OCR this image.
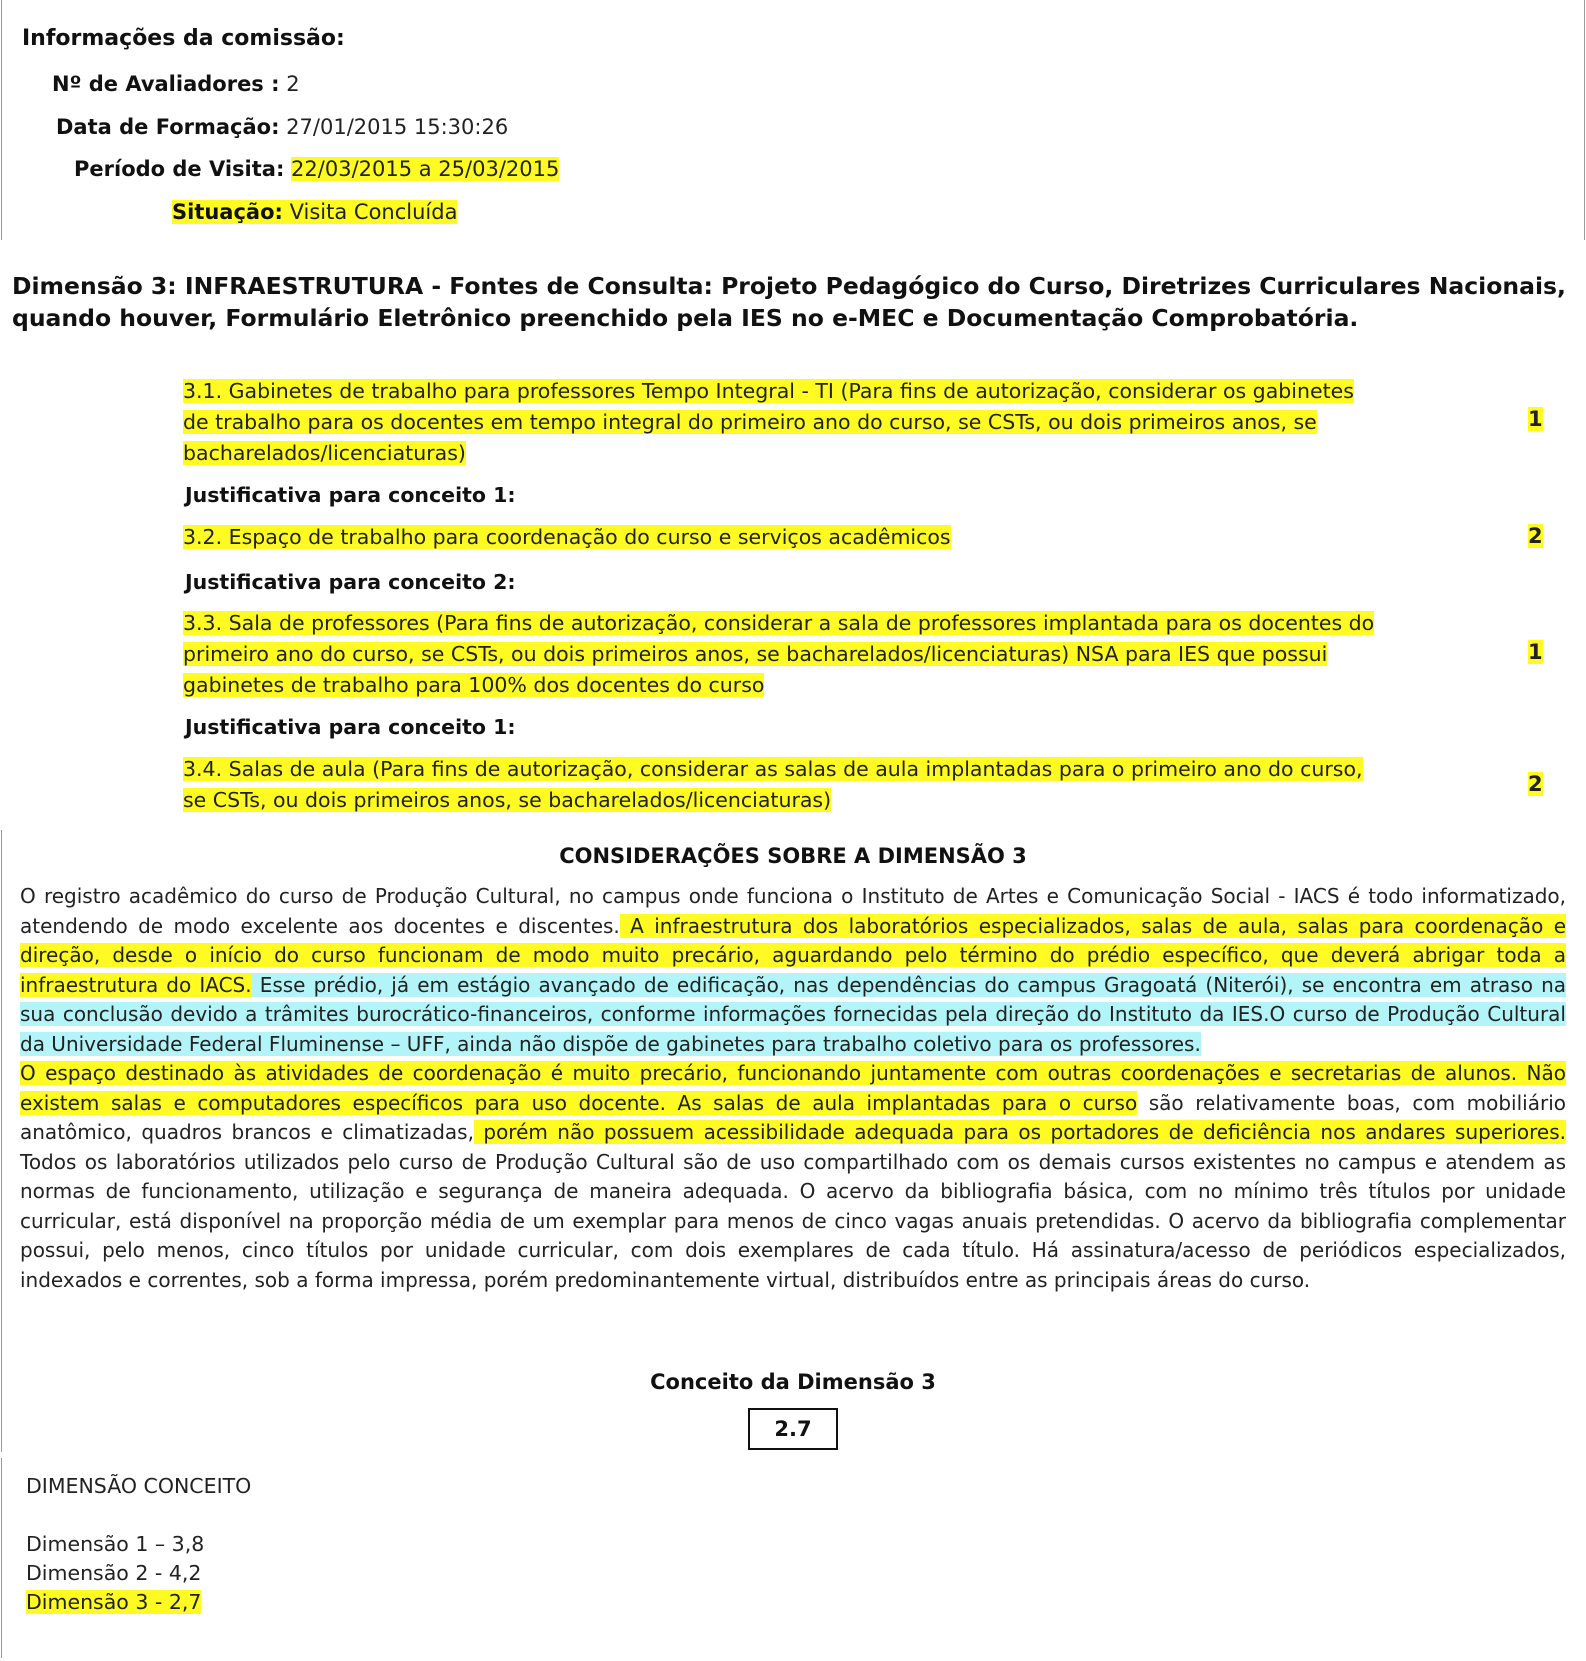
Informações da comissão:
Nº de Avaliadores : 2
Data de Formação: 27/01/2015 15:30:26
Período de Visita: 22/03/2015 a 25/03/2015
Situação: Visita Concluída
Dimensão 3: INFRAESTRUTURA - Fontes de Consulta: Projeto Pedagógico do Curso, Diretrizes Curriculares Nacionais, quando houver, Formulário Eletrônico preenchido pela IES no e-MEC e Documentação Comprobatória.
3.1. Gabinetes de trabalho para professores Tempo Integral - TI (Para fins de autorização, considerar os gabinetes
de trabalho para os docentes em tempo integral do primeiro ano do curso, se CSTs, ou dois primeiros anos, se
bacharelados/licenciaturas)
1
Justificativa para conceito 1:
3.2. Espaço de trabalho para coordenação do curso e serviços acadêmicos	2
Justificativa para conceito 2:
3.3. Sala de professores (Para fins de autorização, considerar a sala de professores implantada para os docentes do
primeiro ano do curso, se CSTs, ou dois primeiros anos, se bacharelados/licenciaturas) NSA para IES que possui
gabinetes de trabalho para 100% dos docentes do curso
1
Justificativa para conceito 1:
3.4. Salas de aula (Para fins de autorização, considerar as salas de aula implantadas para o primeiro ano do curso,
se CSTs, ou dois primeiros anos, se bacharelados/licenciaturas)
2
CONSIDERAÇÕES SOBRE A DIMENSÃO 3
O registro acadêmico do curso de Produção Cultural, no campus onde funciona o Instituto de Artes e Comunicação Social - IACS é todo informatizado, atendendo de modo excelente aos docentes e discentes. A infraestrutura dos laboratórios especializados, salas de aula, salas para coordenação e direção, desde o início do curso funcionam de modo muito precário, aguardando pelo término do prédio específico, que deverá abrigar toda a infraestrutura do IACS. Esse prédio, já em estágio avançado de edificação, nas dependências do campus Gragoatá (Niterói), se encontra em atraso na sua conclusão devido a trâmites burocrático-financeiros, conforme informações fornecidas pela direção do Instituto da IES.O curso de Produção Cultural da Universidade Federal Fluminense – UFF, ainda não dispõe de gabinetes para trabalho coletivo para os professores.
O espaço destinado às atividades de coordenação é muito precário, funcionando juntamente com outras coordenações e secretarias de alunos. Não existem salas e computadores específicos para uso docente. As salas de aula implantadas para o curso são relativamente boas, com mobiliário anatômico, quadros brancos e climatizadas, porém não possuem acessibilidade adequada para os portadores de deficiência nos andares superiores. Todos os laboratórios utilizados pelo curso de Produção Cultural são de uso compartilhado com os demais cursos existentes no campus e atendem as normas de funcionamento, utilização e segurança de maneira adequada. O acervo da bibliografia básica, com no mínimo três títulos por unidade curricular, está disponível na proporção média de um exemplar para menos de cinco vagas anuais pretendidas. O acervo da bibliografia complementar possui, pelo menos, cinco títulos por unidade curricular, com dois exemplares de cada título. Há assinatura/acesso de periódicos especializados, indexados e correntes, sob a forma impressa, porém predominantemente virtual, distribuídos entre as principais áreas do curso.
Conceito da Dimensão 3
2.7
DIMENSÃO CONCEITO
Dimensão 1 – 3,8
Dimensão 2 - 4,2
Dimensão 3 - 2,7
